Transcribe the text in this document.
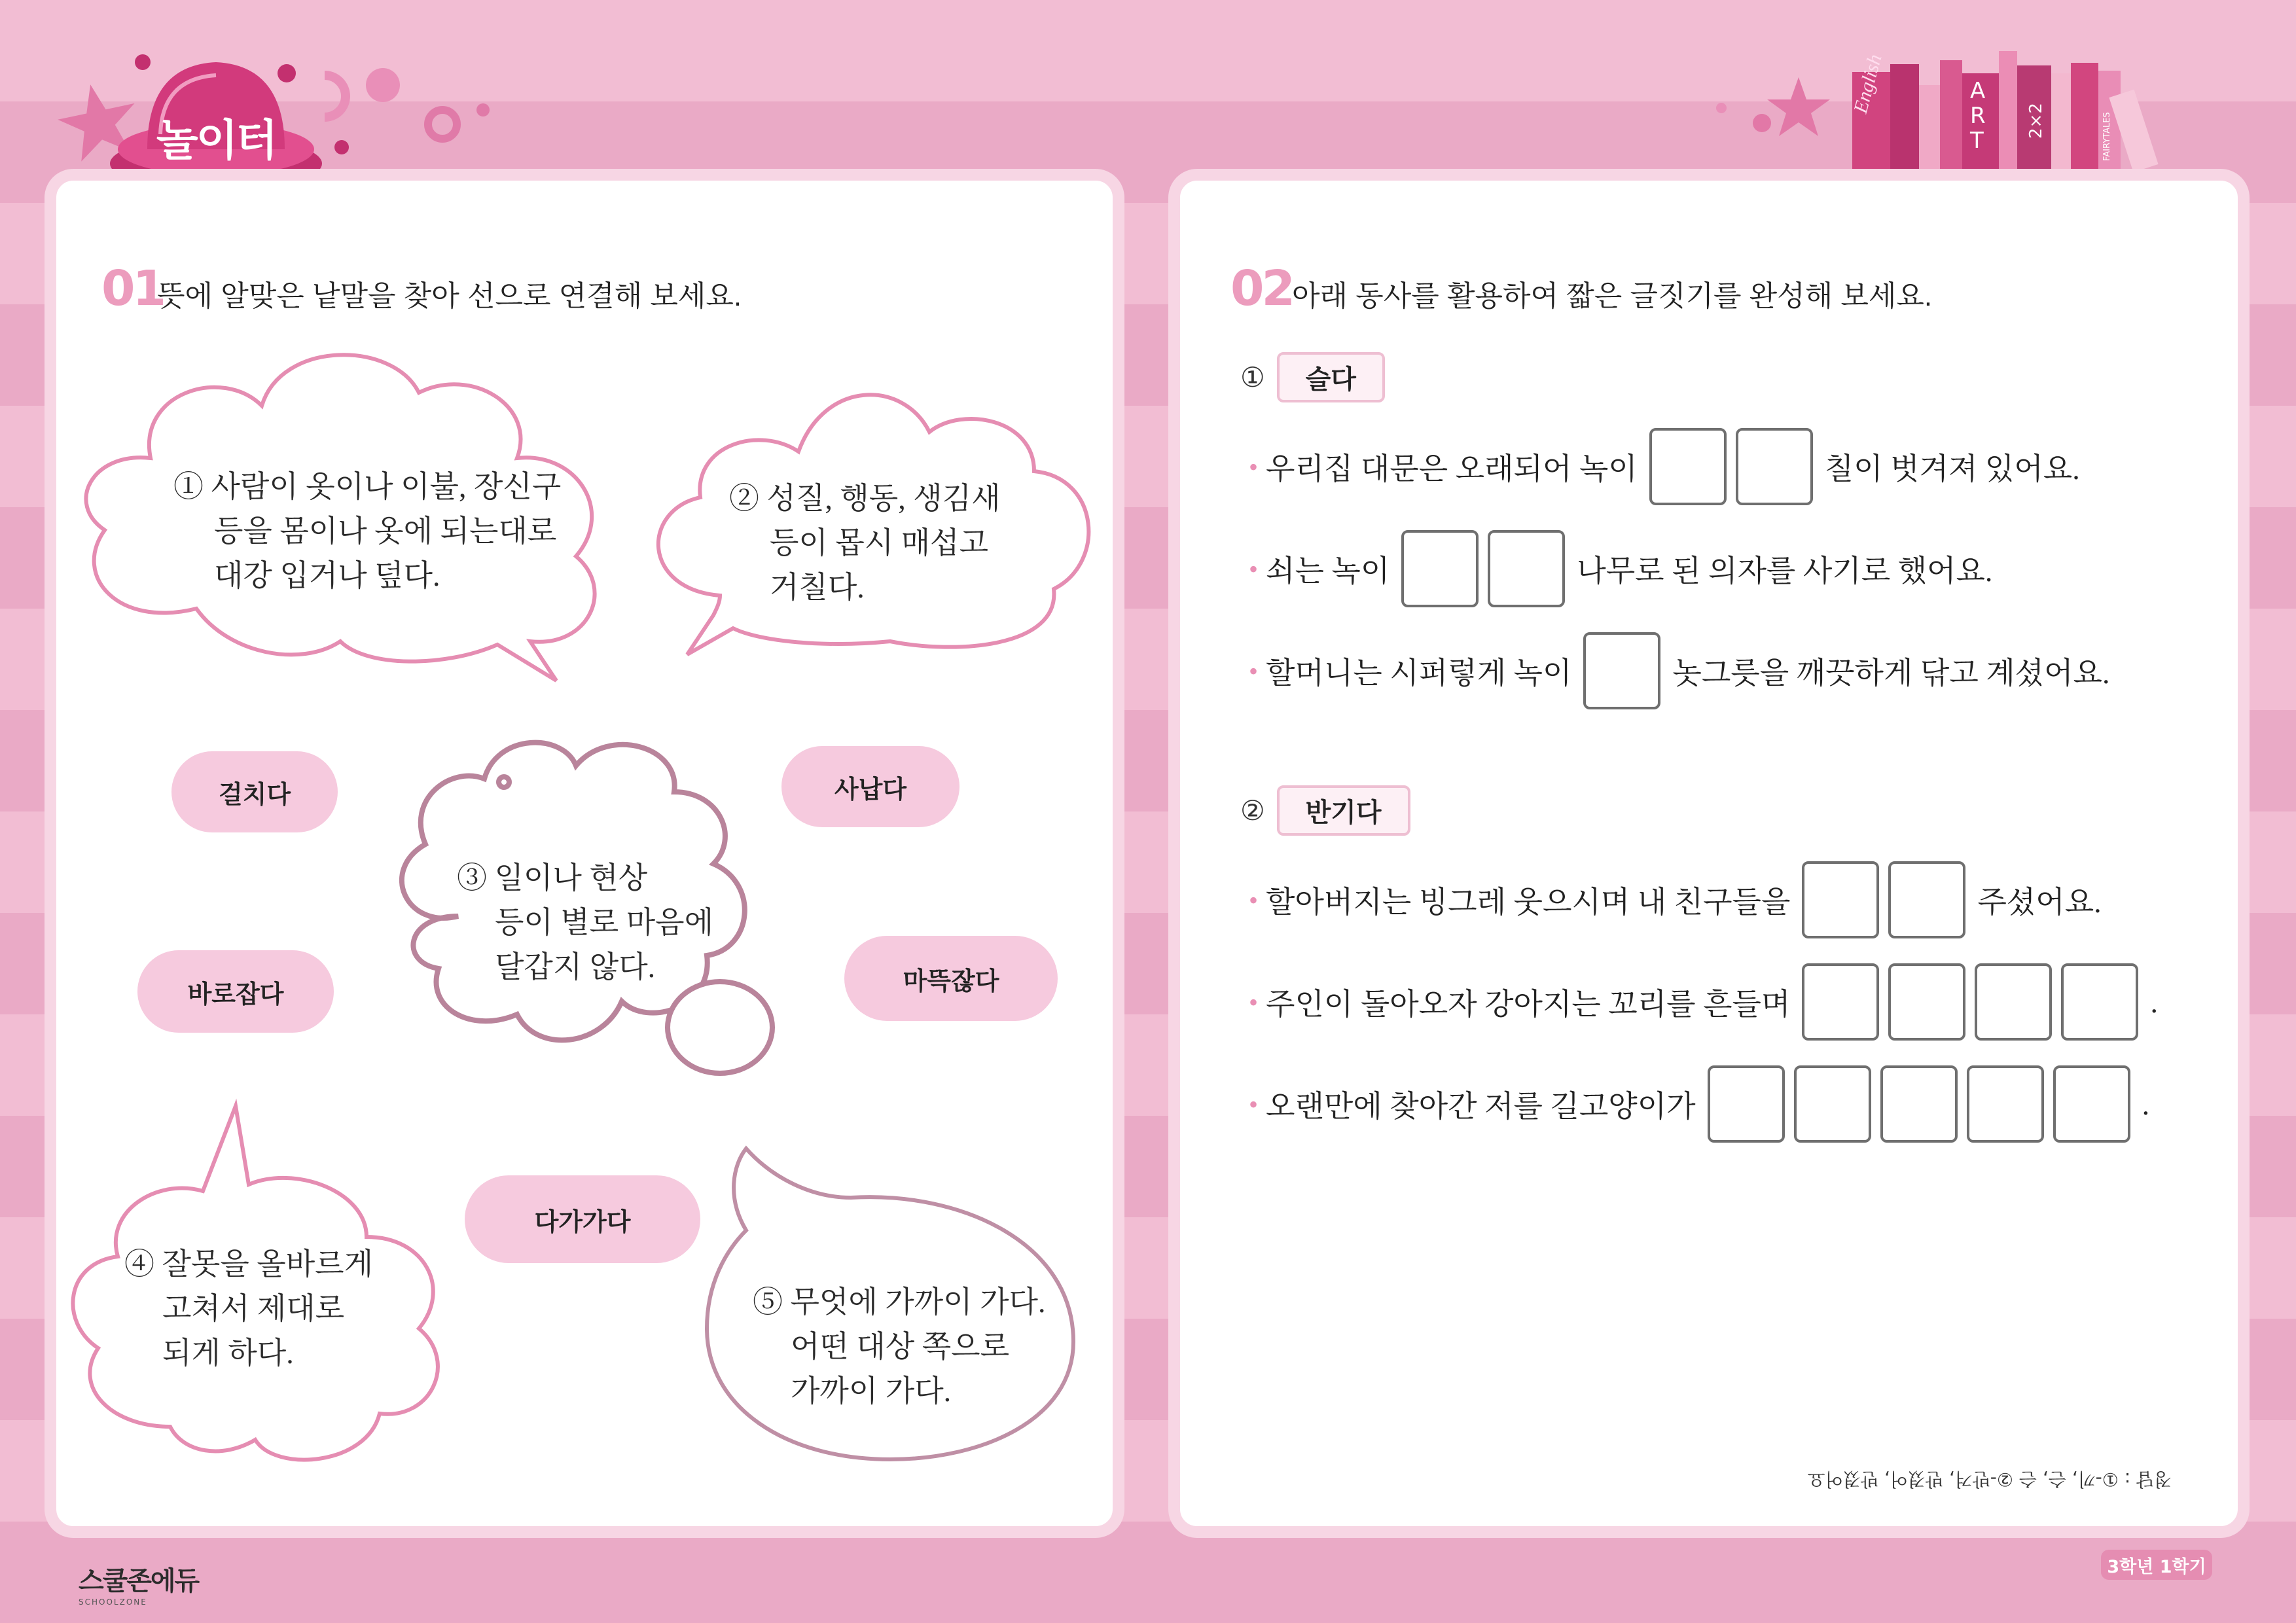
놀이터
English	ART
2×2	FAIRYTALES
01
뜻에 알맞은 낱말을 찾아 선으로 연결해 보세요.
① 사람이 옷이나 이불, 장신구
등을 몸이나 옷에 되는대로
대강 입거나 덮다.
② 성질, 행동, 생김새
등이 몹시 매섭고
거칠다.
③ 일이나 현상
등이 별로 마음에
달갑지 않다.
④ 잘못을 올바르게
고쳐서 제대로
되게 하다.
⑤ 무엇에 가까이 가다.
어떤 대상 쪽으로
가까이 가다.
걸치다	사납다
바로잡다	마뜩잖다
다가가다
02 아래 동사를 활용하여 짧은 글짓기를 완성해 보세요.
①	슬다
• 우리집 대문은 오래되어 녹이	칠이 벗겨져 있어요.
• 쇠는 녹이	나무로 된 의자를 사기로 했어요.
• 할머니는 시퍼렇게 녹이	놋그릇을 깨끗하게 닦고 계셨어요.
②	반기다
• 할아버지는 빙그레 웃으시며 내 친구들을	주셨어요.
• 주인이 돌아오자 강아지는 꼬리를 흔들며	.
• 오랜만에 찾아간 저를 길고양이가	.
정답 : ①-끼, 슨, 슨 ②-반겨, 반겼어, 반겼어요
스쿨존에듀
SCHOOLZONE
3학년 1학기
